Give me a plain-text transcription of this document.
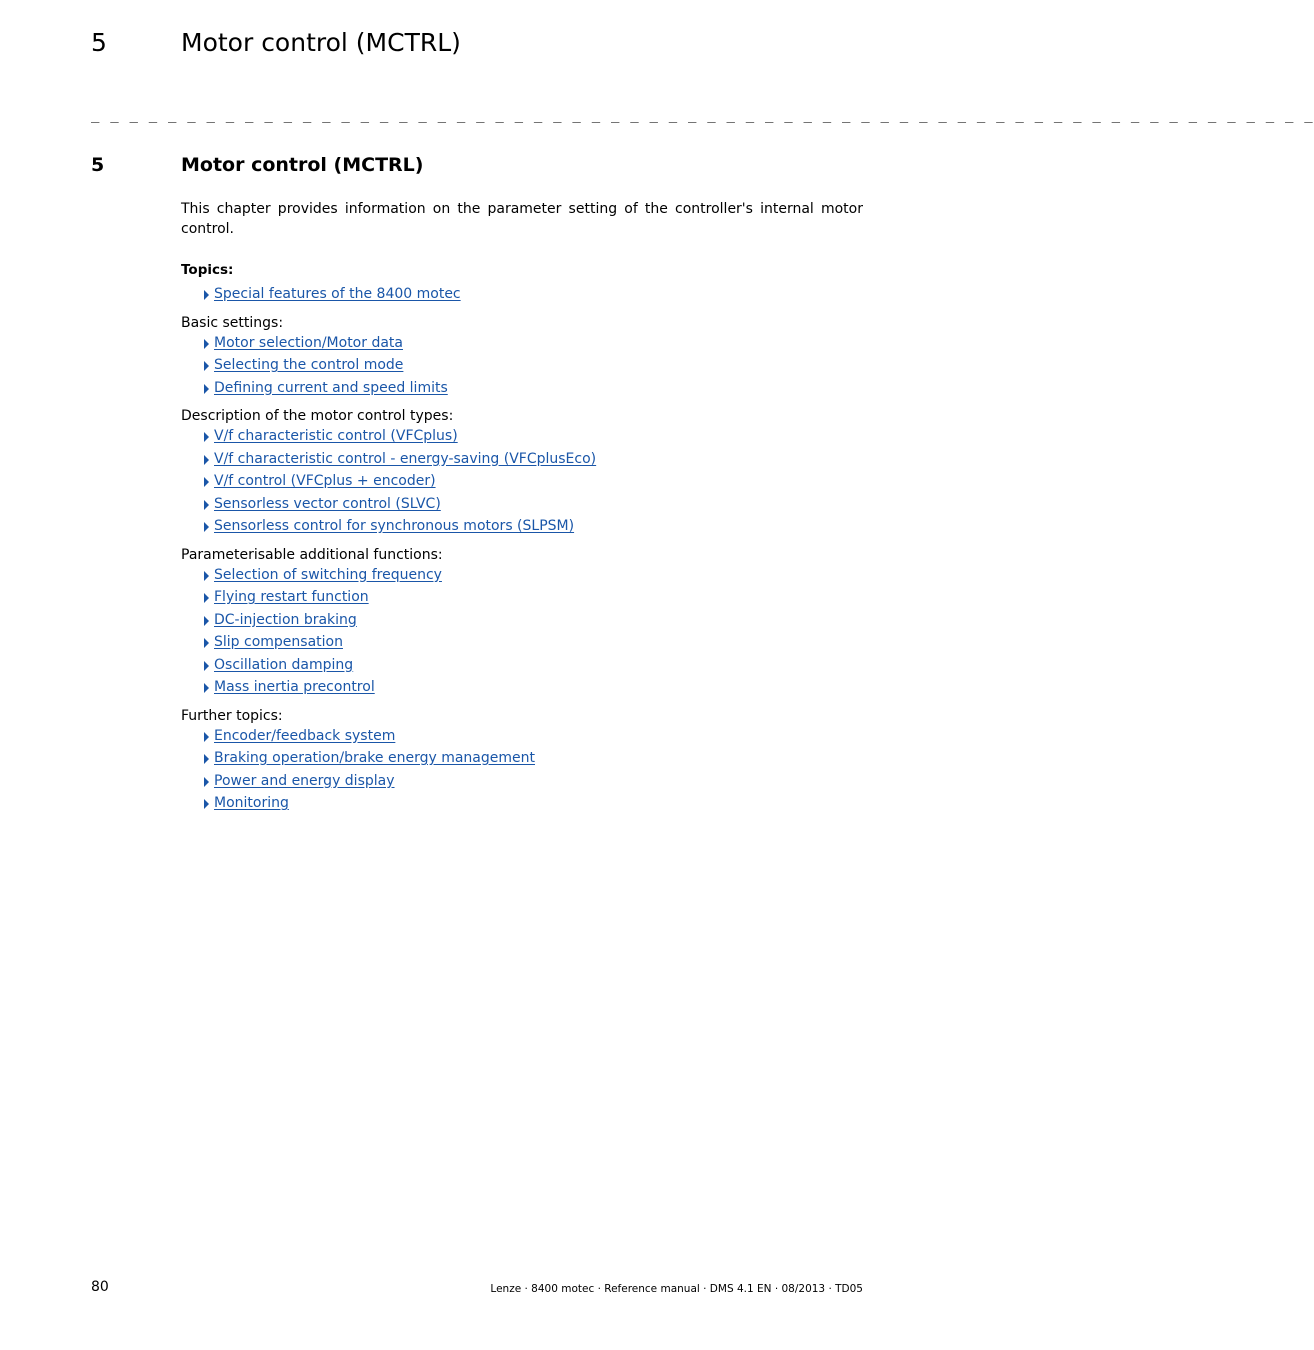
5	Motor control (MCTRL)
_ _ _ _ _ _ _ _ _ _ _ _ _ _ _ _ _ _ _ _ _ _ _ _ _ _ _ _ _ _ _ _ _ _ _ _ _ _ _ _ _ _ _ _ _ _ _ _ _ _ _ _ _ _ _ _ _ _ _ _ _ _ _ _
5	Motor control (MCTRL)

This chapter provides information on the parameter setting of the controller's internal motor control.

Topics:
Special features of the 8400 motec
Basic settings:
Motor selection/Motor data
Selecting the control mode
Defining current and speed limits
Description of the motor control types:
V/f characteristic control (VFCplus)
V/f characteristic control - energy-saving (VFCplusEco)
V/f control (VFCplus + encoder)
Sensorless vector control (SLVC)
Sensorless control for synchronous motors (SLPSM)
Parameterisable additional functions:
Selection of switching frequency
Flying restart function
DC-injection braking
Slip compensation
Oscillation damping
Mass inertia precontrol
Further topics:
Encoder/feedback system
Braking operation/brake energy management
Power and energy display
Monitoring
80	Lenze · 8400 motec · Reference manual · DMS 4.1 EN · 08/2013 · TD05
